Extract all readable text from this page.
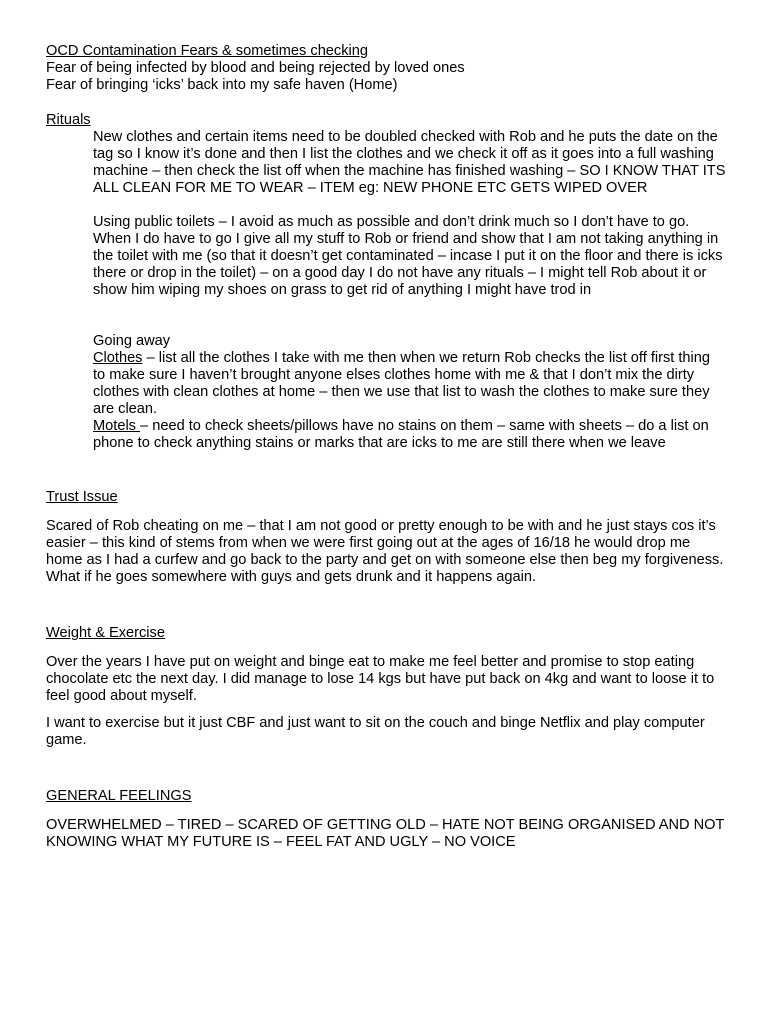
OCD Contamination Fears & sometimes checking

Fear of being infected by blood and being rejected by loved ones

Fear of bringing ‘icks’ back into my safe haven (Home)

Rituals

New clothes and certain items need to be doubled checked with Rob and he puts the date on the tag so I know it’s done and then I list the clothes and we check it off as it goes into a full washing machine – then check the list off when the machine has finished washing – SO I KNOW THAT ITS ALL CLEAN FOR ME TO WEAR – ITEM eg: NEW PHONE ETC GETS WIPED OVER

Using public toilets – I avoid as much as possible and don’t drink much so I don’t have to go. When I do have to go I give all my stuff to Rob or friend and show that I am not taking anything in the toilet with me (so that it doesn’t get contaminated – incase I put it on the floor and there is icks there or drop in the toilet) – on a good day I do not have any rituals – I might tell Rob about it or show him wiping my shoes on grass to get rid of anything I might have trod in

Going away

Clothes – list all the clothes I take with me then when we return Rob checks the list off first thing to make sure I haven’t brought anyone elses clothes home with me & that I don’t mix the dirty clothes with clean clothes at home – then we use that list to wash the clothes to make sure they are clean.

Motels – need to check sheets/pillows have no stains on them – same with sheets – do a list on phone to check anything stains or marks that are icks to me are still there when we leave

Trust Issue

Scared of Rob cheating on me – that I am not good or pretty enough to be with and he just stays cos it’s easier – this kind of stems from when we were first going out at the ages of 16/18 he would drop me home as I had a curfew and go back to the party and get on with someone else then beg my forgiveness. What if he goes somewhere with guys and gets drunk and it happens again.

Weight & Exercise

Over the years I have put on weight and binge eat to make me feel better and promise to stop eating chocolate etc the next day. I did manage to lose 14 kgs but have put back on 4kg and want to loose it to feel good about myself.

I want to exercise but it just CBF and just want to sit on the couch and binge Netflix and play computer game.

GENERAL FEELINGS

OVERWHELMED – TIRED – SCARED OF GETTING OLD – HATE NOT BEING ORGANISED AND NOT KNOWING WHAT MY FUTURE IS – FEEL FAT AND UGLY – NO VOICE
